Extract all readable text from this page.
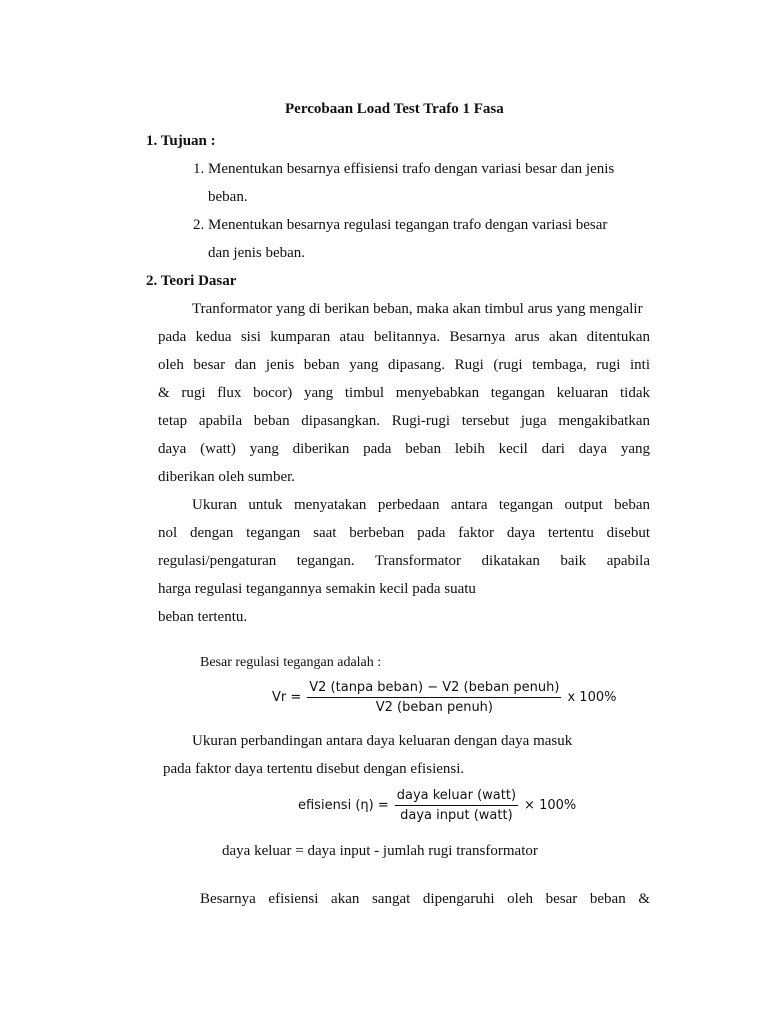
Percobaan Load Test Trafo 1 Fasa
1. Tujuan :
1. Menentukan besarnya effisiensi trafo dengan variasi besar dan jenis
beban.
2. Menentukan besarnya regulasi tegangan trafo dengan variasi besar
dan jenis beban.
2. Teori Dasar
Tranformator yang di berikan beban, maka akan timbul arus yang mengalir
pada kedua sisi kumparan atau belitannya. Besarnya arus akan ditentukan
oleh besar dan jenis beban yang dipasang. Rugi (rugi tembaga, rugi inti
& rugi flux bocor) yang timbul menyebabkan tegangan keluaran tidak
tetap apabila beban dipasangkan. Rugi-rugi tersebut juga mengakibatkan
daya (watt) yang diberikan pada beban lebih kecil dari daya yang
diberikan oleh sumber.
Ukuran untuk menyatakan perbedaan antara tegangan output beban
nol dengan tegangan saat berbeban pada faktor daya tertentu disebut
regulasi/pengaturan tegangan. Transformator dikatakan baik apabila
harga regulasi tegangannya semakin kecil pada suatu
beban tertentu.
Besar regulasi tegangan adalah :
$Vr = \frac{\text{V2 (tanpa beban) − V2 (beban penuh)}}{\text{V2 (beban penuh)}}$ x 100%
Ukuran perbandingan antara daya keluaran dengan daya masuk
pada faktor daya tertentu disebut dengan efisiensi.
efisiensi $(\eta) = \frac{\text{daya keluar (watt)}}{\text{daya input (watt)}} \times 100\%$
daya keluar = daya input - jumlah rugi transformator
Besarnya efisiensi akan sangat dipengaruhi oleh besar beban &
